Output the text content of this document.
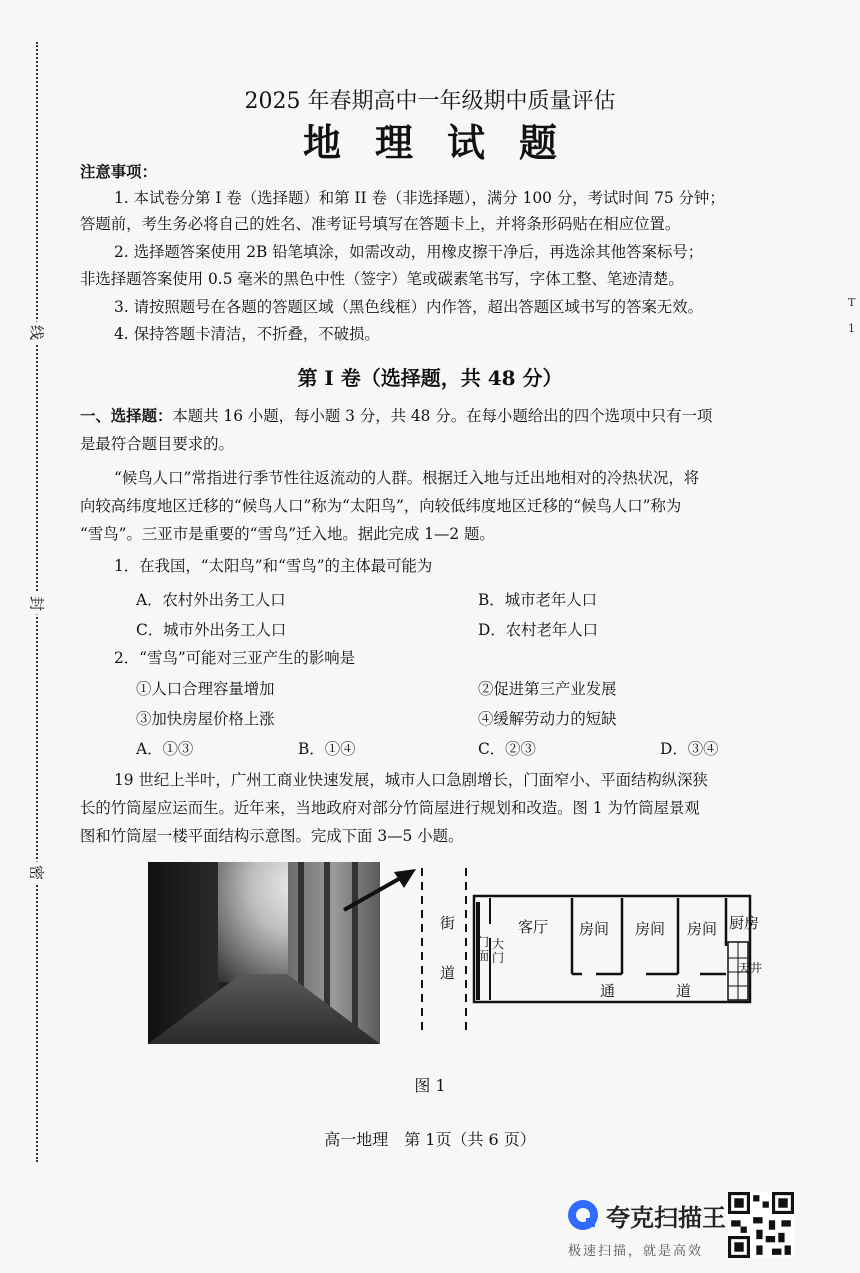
线
封
密
T
1
2025 年春期高中一年级期中质量评估
地理试题
注意事项：
1. 本试卷分第 I 卷（选择题）和第 II 卷（非选择题），满分 100 分，考试时间 75 分钟；
答题前，考生务必将自己的姓名、准考证号填写在答题卡上，并将条形码贴在相应位置。
2. 选择题答案使用 2B 铅笔填涂，如需改动，用橡皮擦干净后，再选涂其他答案标号；
非选择题答案使用 0.5 毫米的黑色中性（签字）笔或碳素笔书写，字体工整、笔迹清楚。
3. 请按照题号在各题的答题区域（黑色线框）内作答，超出答题区域书写的答案无效。
4. 保持答题卡清洁，不折叠，不破损。
第 I 卷（选择题，共 48 分）
一、选择题：本题共 16 小题，每小题 3 分，共 48 分。在每小题给出的四个选项中只有一项
是最符合题目要求的。
“候鸟人口”常指进行季节性往返流动的人群。根据迁入地与迁出地相对的冷热状况，将
向较高纬度地区迁移的“候鸟人口”称为“太阳鸟”，向较低纬度地区迁移的“候鸟人口”称为
“雪鸟”。三亚市是重要的“雪鸟”迁入地。据此完成 1—2 题。
1．在我国，“太阳鸟”和“雪鸟”的主体最可能为
A．农村外出务工人口	B．城市老年人口
C．城市外出务工人口	D．农村老年人口
2．“雪鸟”可能对三亚产生的影响是
①人口合理容量增加	②促进第三产业发展
③加快房屋价格上涨	④缓解劳动力的短缺
A．①③	B．①④	C．②③	D．③④
19 世纪上半叶，广州工商业快速发展，城市人口急剧增长，门面窄小、平面结构纵深狭
长的竹筒屋应运而生。近年来，当地政府对部分竹筒屋进行规划和改造。图 1 为竹筒屋景观
图和竹筒屋一楼平面结构示意图。完成下面 3—5 小题。
街
道
门
面
大
门
客厅 房间 房间 房间 厨房
天井
通	道
图 1
高一地理　第 1页（共 6 页）
夸克扫描王
极速扫描，就是高效
